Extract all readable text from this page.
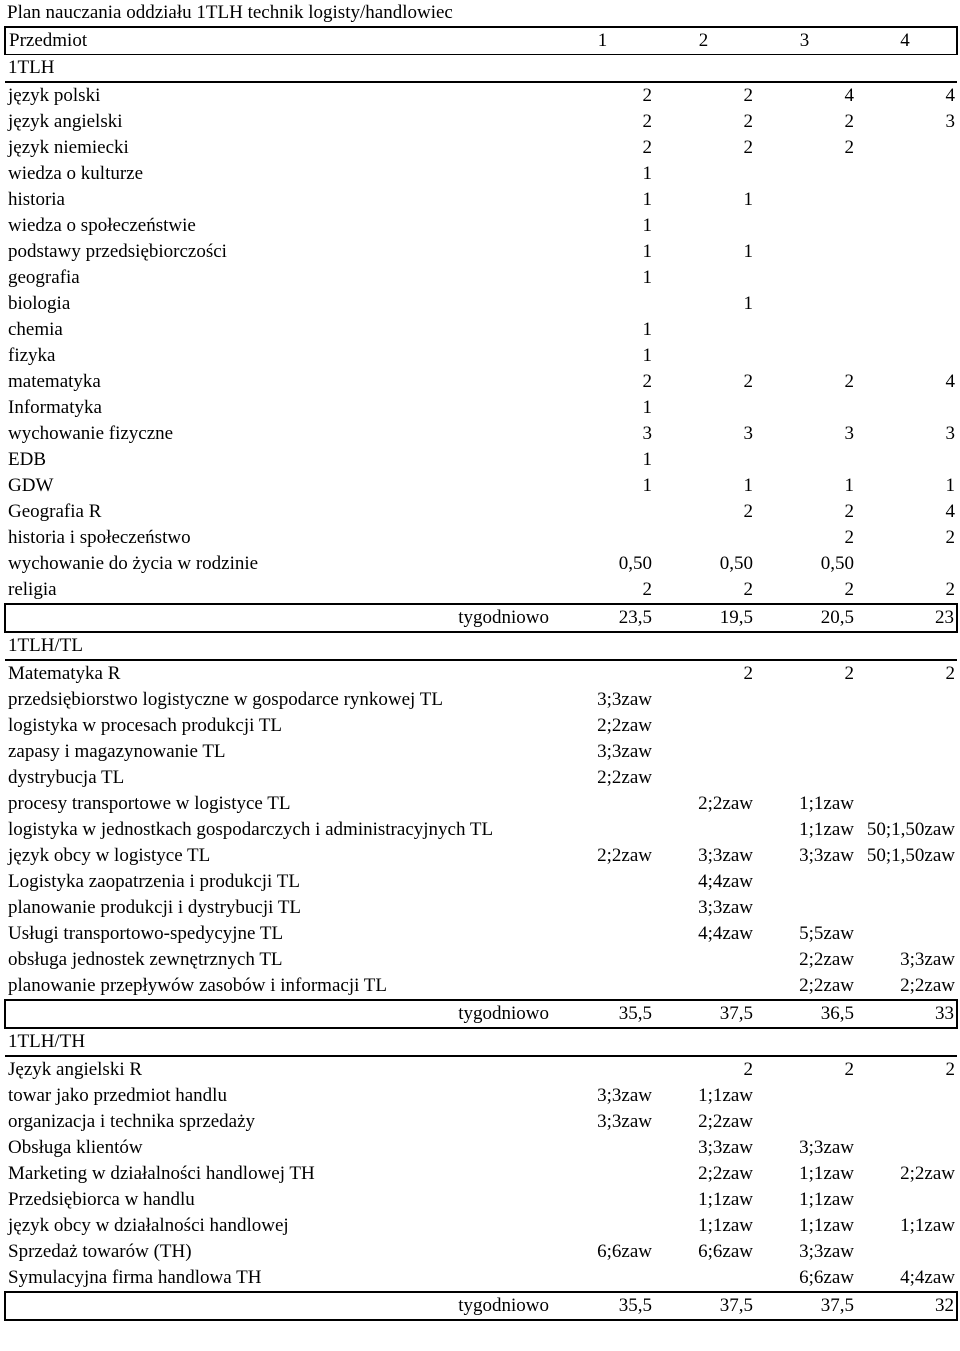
Plan nauczania oddziału 1TLH technik logisty/handlowiec
Przedmiot	1	2	3	4
1TLH				
język polski	2	2	4	4
język angielski	2	2	2	3
język niemiecki	2	2	2	
wiedza o kulturze	1			
historia	1	1		
wiedza o społeczeństwie	1			
podstawy przedsiębiorczości	1	1		
geografia	1			
biologia		1		
chemia	1			
fizyka	1			
matematyka	2	2	2	4
Informatyka	1			
wychowanie fizyczne	3	3	3	3
EDB	1			
GDW	1	1	1	1
Geografia R		2	2	4
historia i społeczeństwo			2	2
wychowanie do życia w rodzinie	0,50	0,50	0,50	
religia	2	2	2	2
tygodniowo	23,5	19,5	20,5	23
1TLH/TL				
Matematyka R		2	2	2
przedsiębiorstwo logistyczne w gospodarce rynkowej TL	3;3zaw			
logistyka w procesach produkcji TL	2;2zaw			
zapasy i magazynowanie TL	3;3zaw			
dystrybucja TL	2;2zaw			
procesy transportowe w logistyce TL		2;2zaw	1;1zaw	
logistyka w jednostkach gospodarczych i administracyjnych TL			1;1zaw	50;1,50zaw
język obcy w logistyce TL	2;2zaw	3;3zaw	3;3zaw	50;1,50zaw
Logistyka zaopatrzenia i produkcji TL		4;4zaw		
planowanie produkcji i dystrybucji TL		3;3zaw		
Usługi transportowo-spedycyjne TL		4;4zaw	5;5zaw	
obsługa jednostek zewnętrznych TL			2;2zaw	3;3zaw
planowanie przepływów zasobów i informacji TL			2;2zaw	2;2zaw
tygodniowo	35,5	37,5	36,5	33
1TLH/TH				
Język angielski R		2	2	2
towar jako przedmiot handlu	3;3zaw	1;1zaw		
organizacja i technika sprzedaży	3;3zaw	2;2zaw		
Obsługa klientów		3;3zaw	3;3zaw	
Marketing w działalności handlowej TH		2;2zaw	1;1zaw	2;2zaw
Przedsiębiorca w handlu		1;1zaw	1;1zaw	
język obcy w działalności handlowej		1;1zaw	1;1zaw	1;1zaw
Sprzedaż towarów (TH)	6;6zaw	6;6zaw	3;3zaw	
Symulacyjna firma handlowa TH			6;6zaw	4;4zaw
tygodniowo	35,5	37,5	37,5	32
